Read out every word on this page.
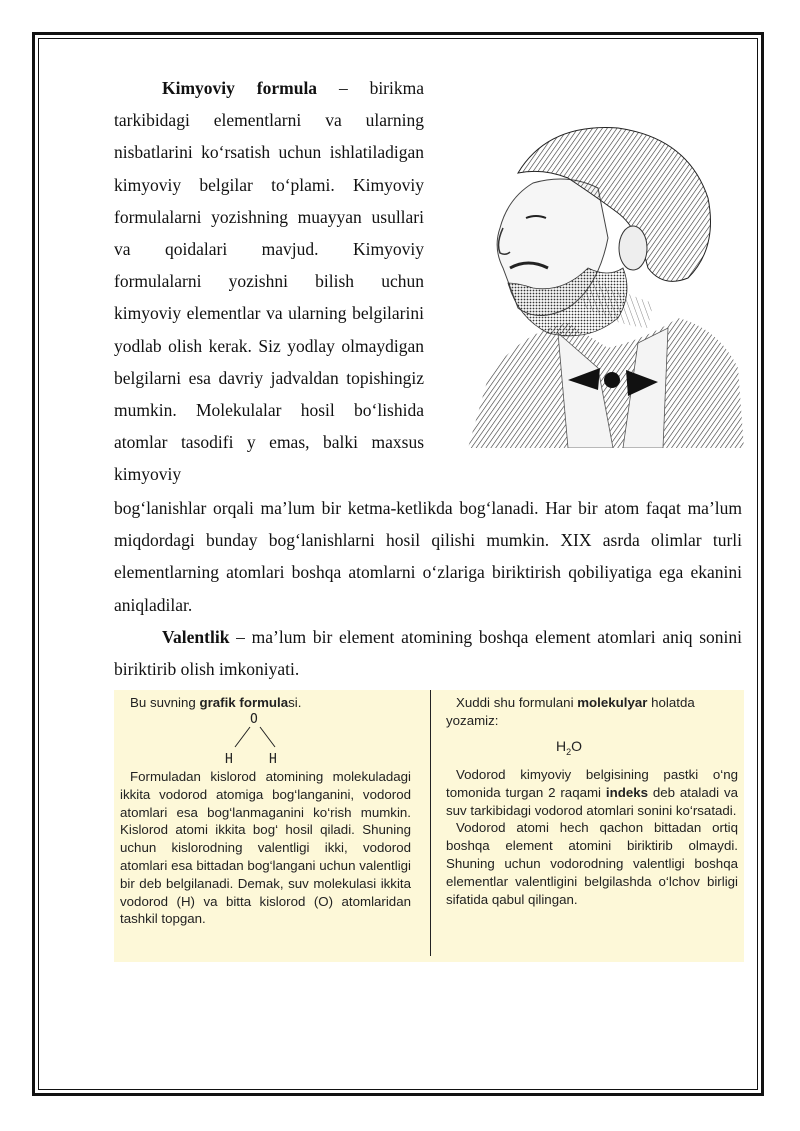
Kimyoviy formula – birikma tarkibidagi elementlarni va ularning nisbatlarini ko‘rsatish uchun ishlatiladigan kimyoviy belgilar to‘plami. Kimyoviy formulalarni yozishning muayyan usullari va qoidalari mavjud. Kimyoviy formulalarni yozishni bilish uchun kimyoviy elementlar va ularning belgilarini yodlab olish kerak. Siz yodlay olmaydigan belgilarni esa davriy jadvaldan topishingiz mumkin. Molekulalar hosil bo‘lishida atomlar tasodifi y emas, balki maxsus kimyoviy

bog‘lanishlar orqali ma’lum bir ketma-ketlikda bog‘lanadi. Har bir atom faqat ma’lum miqdordagi bunday bog‘lanishlarni hosil qilishi mumkin. XIX asrda olimlar turli elementlarning atomlari boshqa atomlarni o‘zlariga biriktirish qobiliyatiga ega ekanini aniqladilar.

Valentlik – ma’lum bir element atomining boshqa element atomlari aniq sonini biriktirib olish imkoniyati.

Bu suvning grafik formulasi.
O
H	H
Formuladan kislorod atomining molekuladagi ikkita vodorod atomiga bog‘langanini, vodorod atomlari esa bog‘lanmaganini ko‘rish mumkin. Kislorod atomi ikkita bog‘ hosil qiladi. Shuning uchun kislorodning valentligi ikki, vodorod atomlari esa bittadan bog‘langani uchun valentligi bir deb belgilanadi. Demak, suv molekulasi ikkita vodorod (H) va bitta kislorod (O) atomlaridan tashkil topgan.
Xuddi shu formulani molekulyar holatda yozamiz:
$H_2O$
Vodorod kimyoviy belgisining pastki o‘ng tomonida turgan 2 raqami indeks deb ataladi va suv tarkibidagi vodorod atomlari sonini ko‘rsatadi.
Vodorod atomi hech qachon bittadan ortiq boshqa element atomini biriktirib olmaydi. Shuning uchun vodorodning valentligi boshqa elementlar valentligini belgilashda o‘lchov birligi sifatida qabul qilingan.
